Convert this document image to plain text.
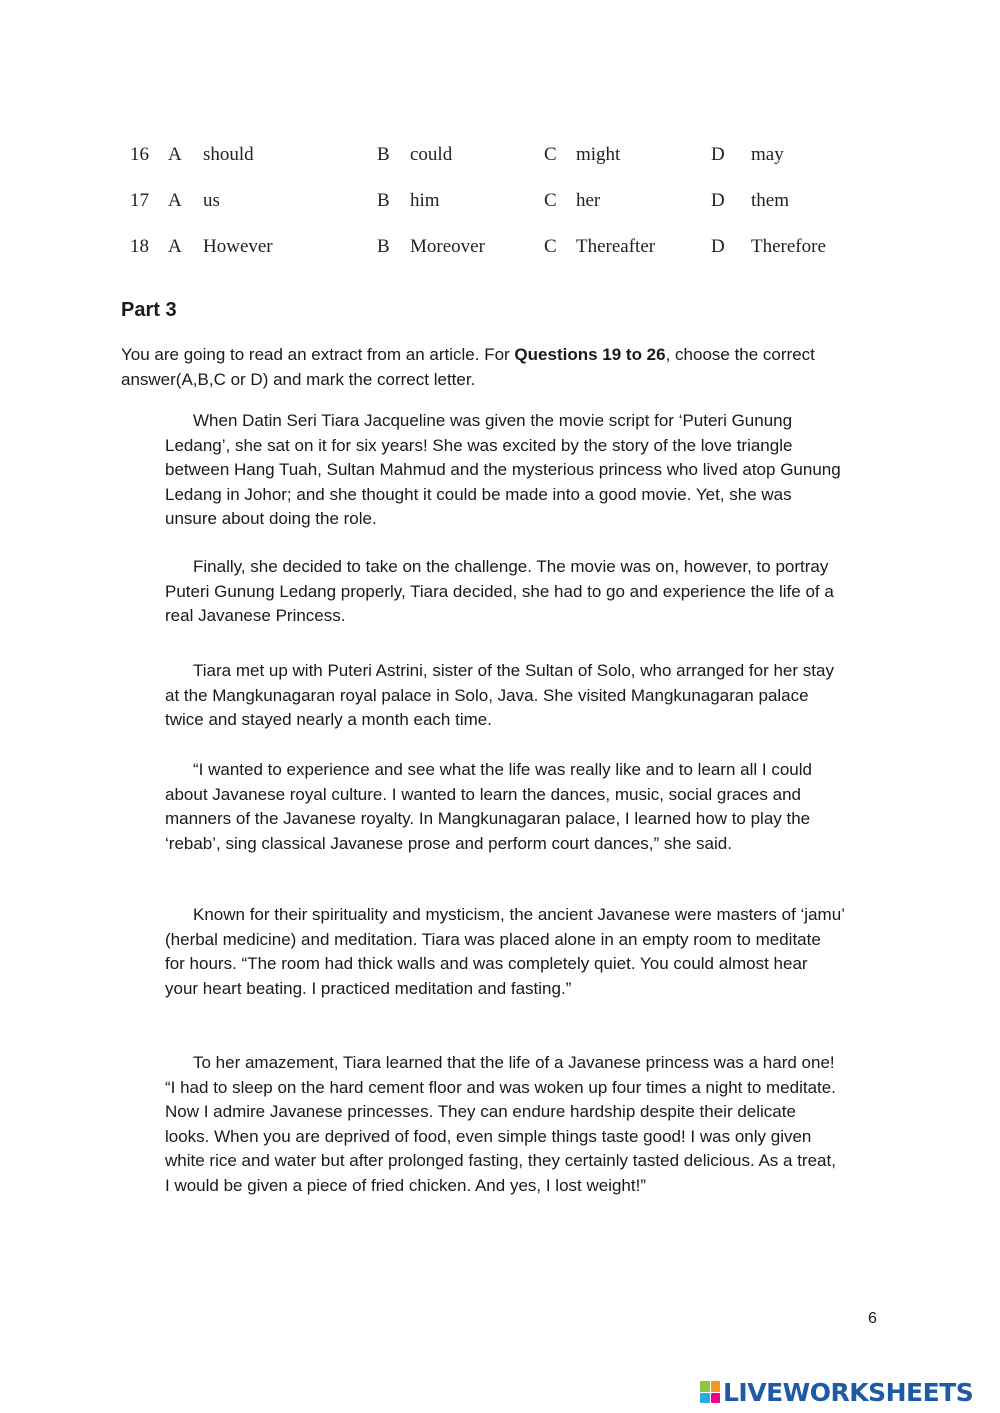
16 A should	B could	C might	D may
17 A us	B him	C her	D them
18 A However	B Moreover	C Thereafter	D Therefore
Part 3

You are going to read an extract from an article. For Questions 19 to 26, choose the correct answer(A,B,C or D) and mark the correct letter.

When Datin Seri Tiara Jacqueline was given the movie script for ‘Puteri Gunung Ledang’, she sat on it for six years! She was excited by the story of the love triangle between Hang Tuah, Sultan Mahmud and the mysterious princess who lived atop Gunung Ledang in Johor; and she thought it could be made into a good movie. Yet, she was unsure about doing the role.

Finally, she decided to take on the challenge. The movie was on, however, to portray Puteri Gunung Ledang properly, Tiara decided, she had to go and experience the life of a real Javanese Princess.

Tiara met up with Puteri Astrini, sister of the Sultan of Solo, who arranged for her stay at the Mangkunagaran royal palace in Solo, Java. She visited Mangkunagaran palace twice and stayed nearly a month each time.

“I wanted to experience and see what the life was really like and to learn all I could about Javanese royal culture. I wanted to learn the dances, music, social graces and manners of the Javanese royalty. In Mangkunagaran palace, I learned how to play the ‘rebab’, sing classical Javanese prose and perform court dances,” she said.

Known for their spirituality and mysticism, the ancient Javanese were masters of ‘jamu’ (herbal medicine) and meditation. Tiara was placed alone in an empty room to meditate for hours. “The room had thick walls and was completely quiet. You could almost hear your heart beating. I practiced meditation and fasting.”

To her amazement, Tiara learned that the life of a Javanese princess was a hard one! “I had to sleep on the hard cement floor and was woken up four times a night to meditate. Now I admire Javanese princesses. They can endure hardship despite their delicate looks. When you are deprived of food, even simple things taste good! I was only given white rice and water but after prolonged fasting, they certainly tasted delicious. As a treat, I would be given a piece of fried chicken. And yes, I lost weight!”

6
LIVEWORKSHEETS
